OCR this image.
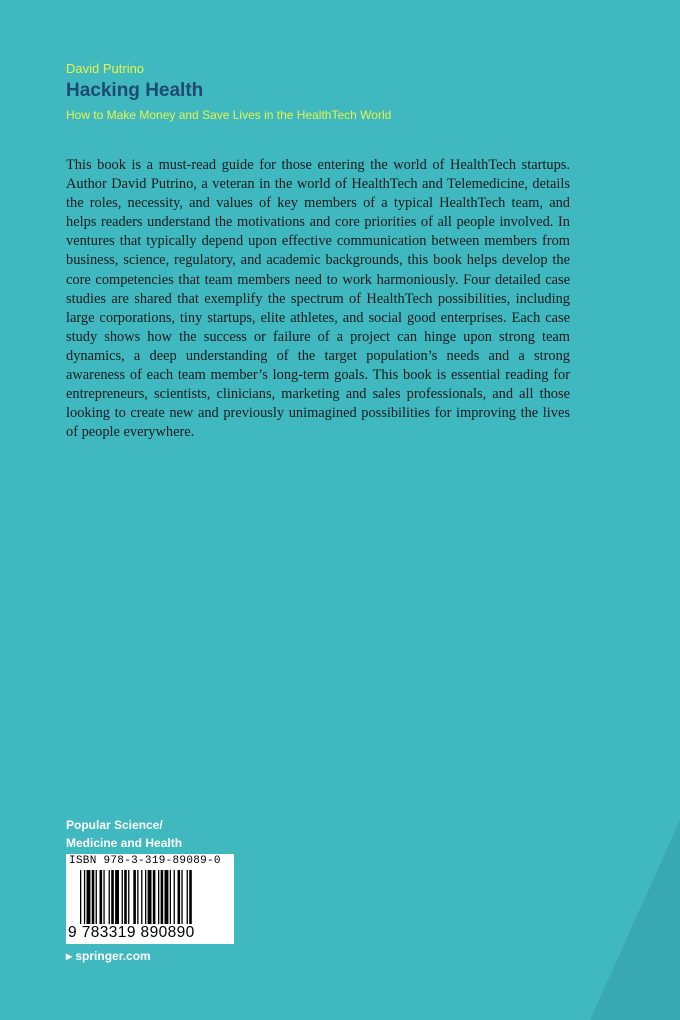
David Putrino
Hacking Health
How to Make Money and Save Lives in the HealthTech World

This book is a must-read guide for those entering the world of HealthTech startups. Author David Putrino, a veteran in the world of HealthTech and Telemedicine, details the roles, necessity, and values of key members of a typical HealthTech team, and helps readers understand the motivations and core priorities of all people involved. In ventures that typically depend upon effective communication between members from business, science, regulatory, and academic backgrounds, this book helps develop the core competencies that team members need to work harmoniously. Four detailed case studies are shared that exemplify the spectrum of HealthTech possibilities, including large corporations, tiny startups, elite athletes, and social good enterprises. Each case study shows how the success or failure of a project can hinge upon strong team dynamics, a deep understanding of the target population’s needs and a strong awareness of each team member’s long-term goals. This book is essential reading for entrepreneurs, scientists, clinicians, marketing and sales professionals, and all those looking to create new and previously unimagined possibilities for improving the lives of people everywhere.

Popular Science/
Medicine and Health
ISBN 978-3-319-89089-0
9 783319 890890
▸ springer.com
